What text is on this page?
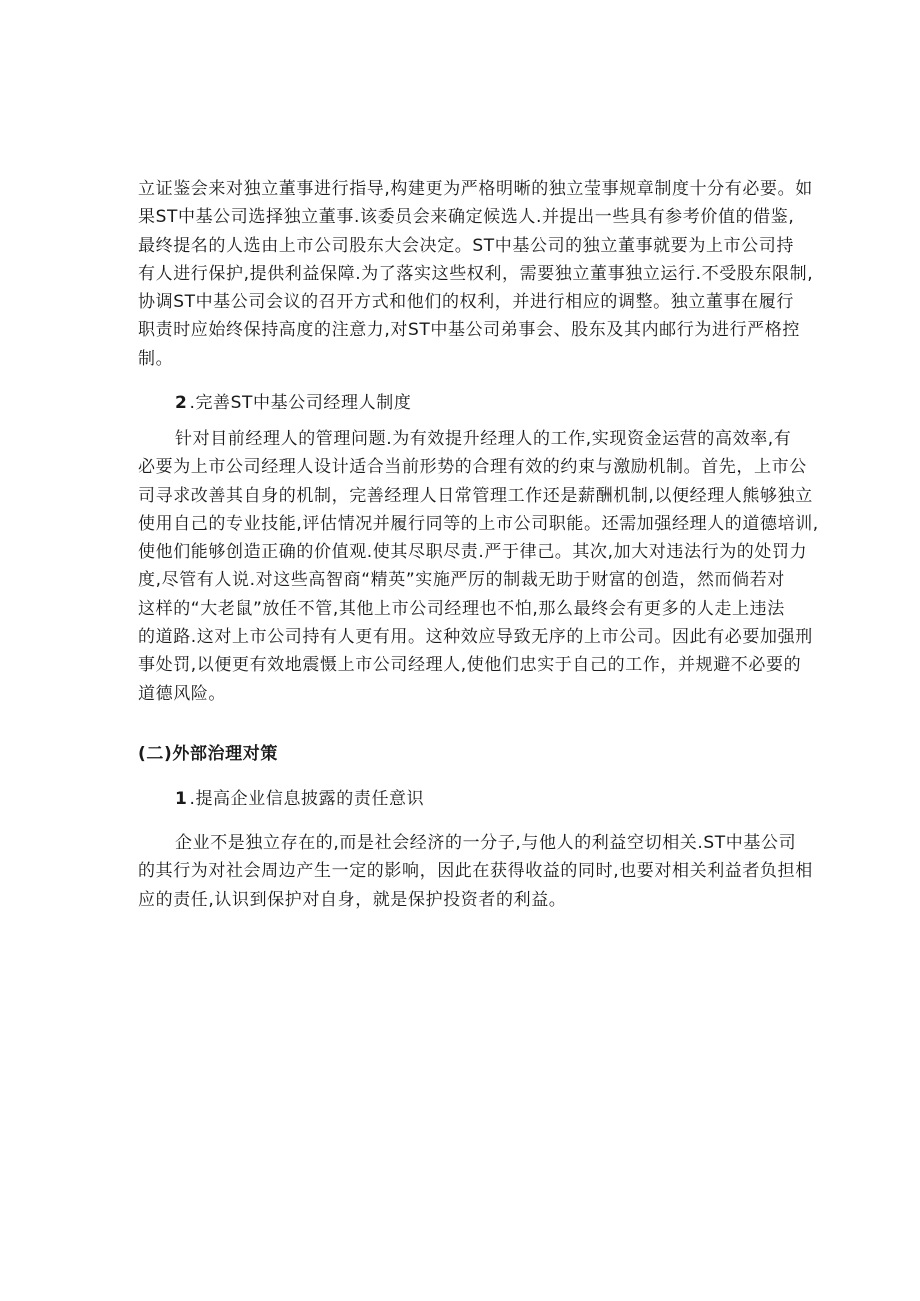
立证鉴会来对独立董事进行指导,构建更为严格明晰的独立莹事规章制度十分有必要。如
果ST中基公司选择独立董事.该委员会来确定候选人.并提出一些具有参考价值的借鉴,
最终提名的人选由上市公司股东大会决定。ST中基公司的独立董事就要为上市公司持
有人进行保护,提供利益保障.为了落实这些权利，需要独立董事独立运行.不受股东限制,
协调ST中基公司会议的召开方式和他们的权利，并进行相应的调整。独立董事在履行
职责时应始终保持高度的注意力,对ST中基公司弟事会、股东及其内邮行为进行严格控
制。

2 .完善ST中基公司经理人制度

针对目前经理人的管理问题.为有效提升经理人的工作,实现资金运营的高效率,有
必要为上市公司经理人设计适合当前形势的合理有效的约束与激励机制。首先，上市公
司寻求改善其自身的机制，完善经理人日常管理工作还是薪酬机制,以便经理人熊够独立
使用自己的专业技能,评估情况并履行同等的上市公司职能。还需加强经理人的道德培训,
使他们能够创造正确的价值观.使其尽职尽责.严于律己。其次,加大对违法行为的处罚力
度,尽管有人说.对这些高智商“精英”实施严厉的制裁无助于财富的创造，然而倘若对
这样的“大老鼠”放任不管,其他上市公司经理也不怕,那么最终会有更多的人走上违法
的道路.这对上市公司持有人更有用。这种效应导致无序的上市公司。因此有必要加强刑
事处罚,以便更有效地震慑上市公司经理人,使他们忠实于自己的工作，并规避不必要的
道德风险。

(二)外部治理对策

1 .提高企业信息披露的责任意识

企业不是独立存在的,而是社会经济的一分子,与他人的利益空切相关.ST中基公司
的其行为对社会周边产生一定的影响，因此在获得收益的同时,也要对相关利益者负担相
应的责任,认识到保护对自身，就是保护投资者的利益。
